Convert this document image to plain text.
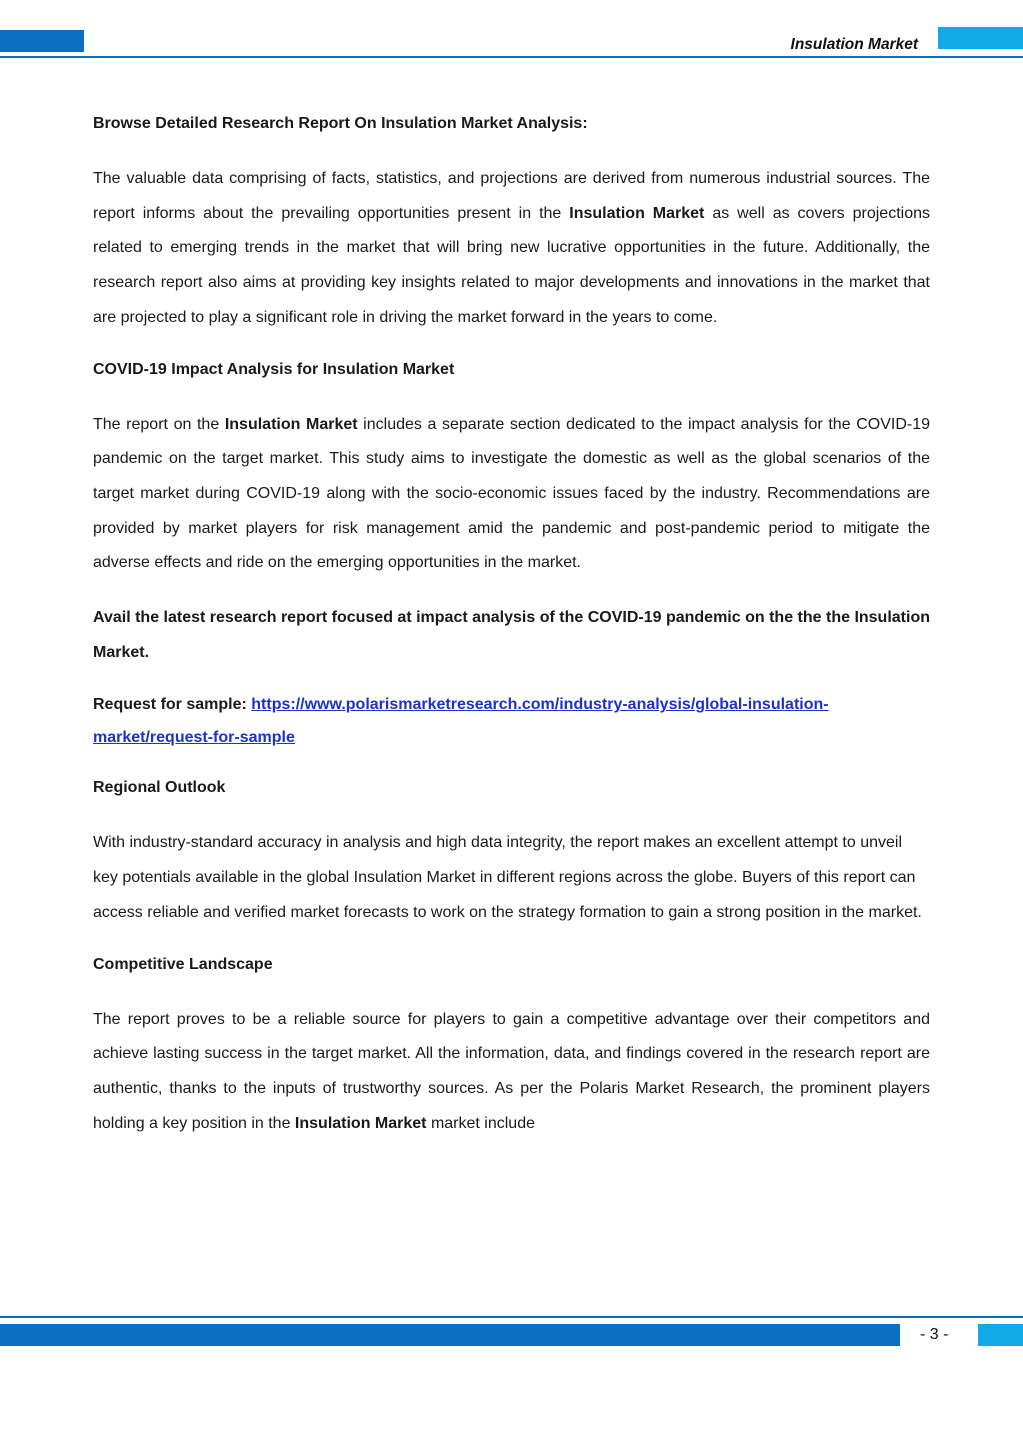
Insulation Market
Browse Detailed Research Report On Insulation Market Analysis:

The valuable data comprising of facts, statistics, and projections are derived from numerous industrial sources. The report informs about the prevailing opportunities present in the Insulation Market as well as covers projections related to emerging trends in the market that will bring new lucrative opportunities in the future. Additionally, the research report also aims at providing key insights related to major developments and innovations in the market that are projected to play a significant role in driving the market forward in the years to come.

COVID-19 Impact Analysis for Insulation Market

The report on the Insulation Market includes a separate section dedicated to the impact analysis for the COVID-19 pandemic on the target market. This study aims to investigate the domestic as well as the global scenarios of the target market during COVID-19 along with the socio-economic issues faced by the industry. Recommendations are provided by market players for risk management amid the pandemic and post-pandemic period to mitigate the adverse effects and ride on the emerging opportunities in the market.

Avail the latest research report focused at impact analysis of the COVID-19 pandemic on the the the Insulation Market.

Request for sample: https://www.polarismarketresearch.com/industry-analysis/global-insulation-market/request-for-sample

Regional Outlook

With industry-standard accuracy in analysis and high data integrity, the report makes an excellent attempt to unveil key potentials available in the global Insulation Market in different regions across the globe. Buyers of this report can access reliable and verified market forecasts to work on the strategy formation to gain a strong position in the market.

Competitive Landscape

The report proves to be a reliable source for players to gain a competitive advantage over their competitors and achieve lasting success in the target market. All the information, data, and findings covered in the research report are authentic, thanks to the inputs of trustworthy sources. As per the Polaris Market Research, the prominent players holding a key position in the Insulation Market market include

- 3 -
